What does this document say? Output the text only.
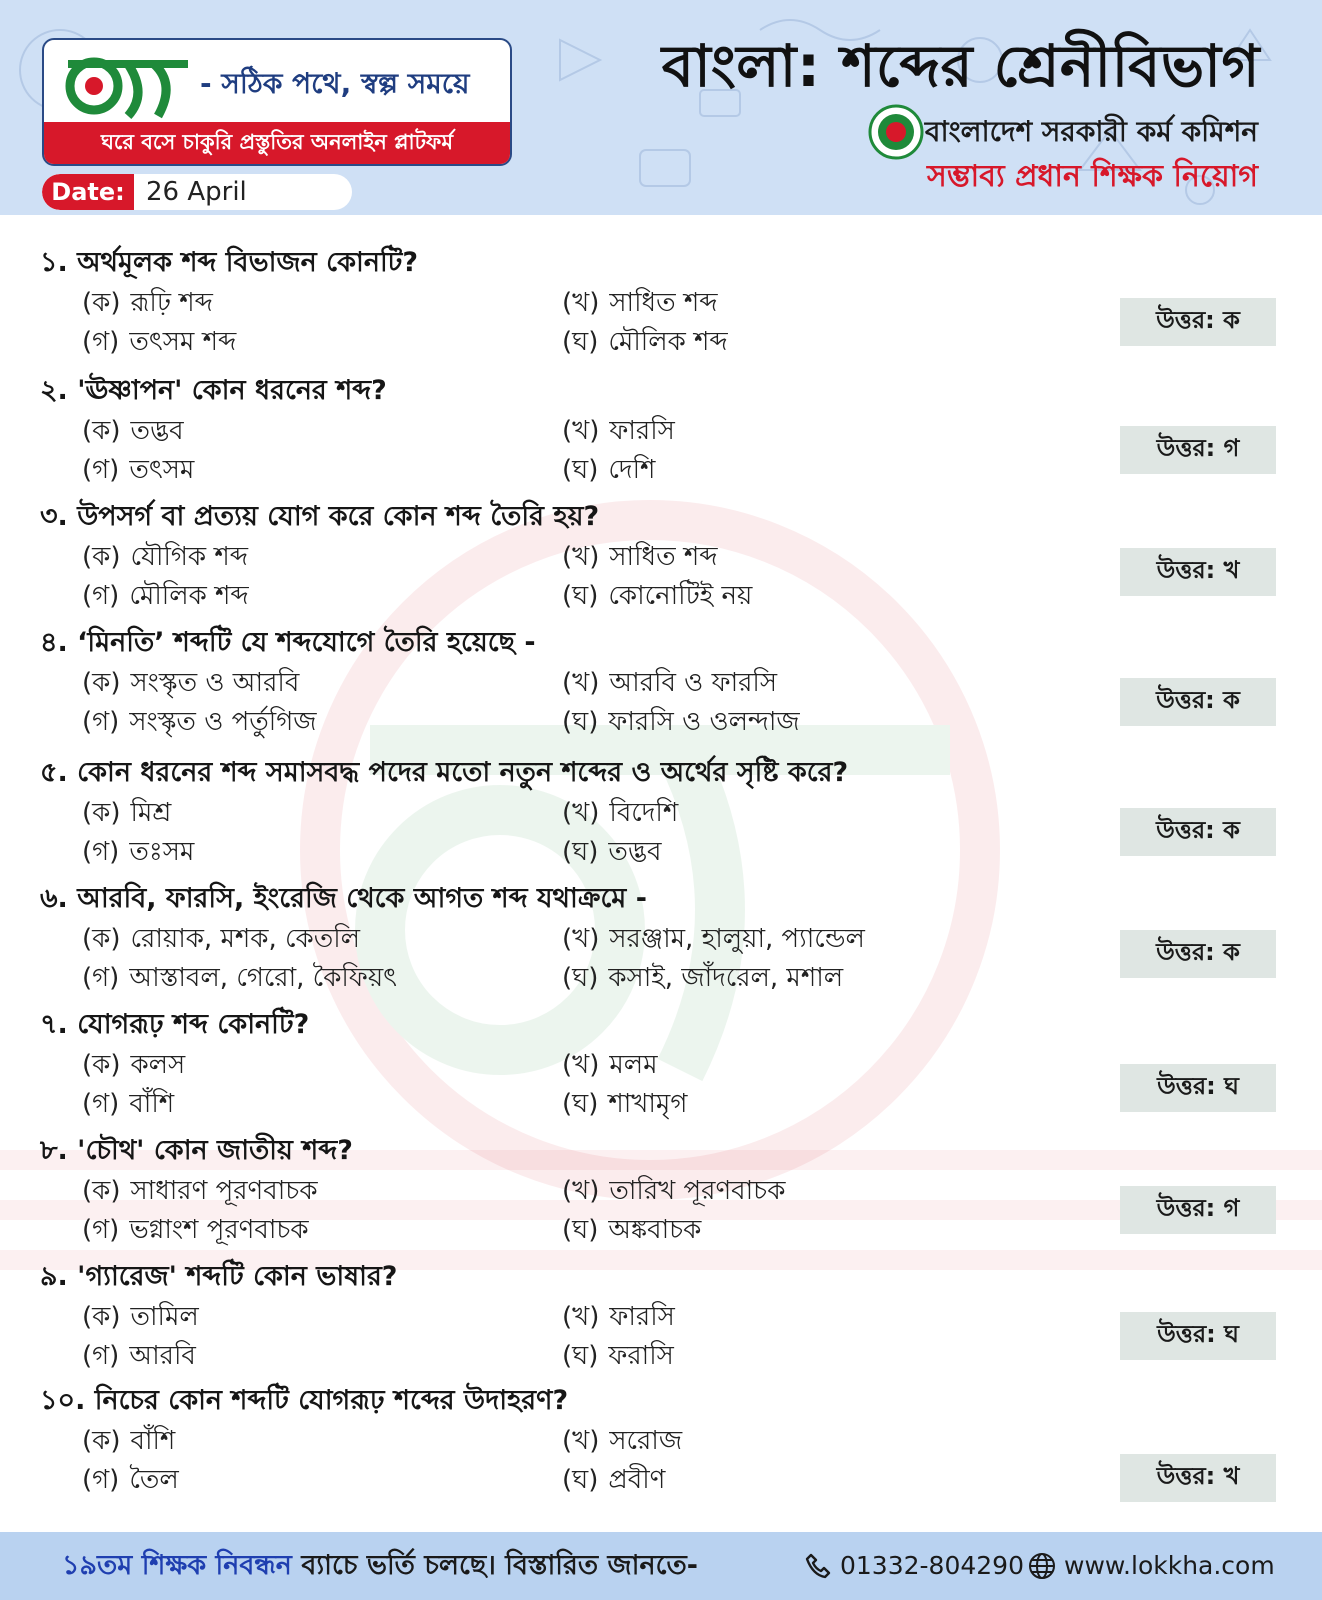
- সঠিক পথে, স্বল্প সময়ে
ঘরে বসে চাকুরি প্রস্তুতির অনলাইন প্লাটফর্ম
Date: 26 April
বাংলা: শব্দের শ্রেনীবিভাগ
বাংলাদেশ সরকারী কর্ম কমিশন
সম্ভাব্য প্রধান শিক্ষক নিয়োগ
১. অর্থমূলক শব্দ বিভাজন কোনটি?
(ক) রূঢ়ি শব্দ	(খ) সাধিত শব্দ
(গ) তৎসম শব্দ	(ঘ) মৌলিক শব্দ
উত্তর: ক
২. 'ঊষ্ণাপন' কোন ধরনের শব্দ?
(ক) তদ্ভব	(খ) ফারসি
(গ) তৎসম	(ঘ) দেশি
উত্তর: গ
৩. উপসর্গ বা প্রত্যয় যোগ করে কোন শব্দ তৈরি হয়?
(ক) যৌগিক শব্দ	(খ) সাধিত শব্দ
(গ) মৌলিক শব্দ	(ঘ) কোনোটিই নয়
উত্তর: খ
৪. ‘মিনতি’ শব্দটি যে শব্দযোগে তৈরি হয়েছে -
(ক) সংস্কৃত ও আরবি	(খ) আরবি ও ফারসি
(গ) সংস্কৃত ও পর্তুগিজ	(ঘ) ফারসি ও ওলন্দাজ
উত্তর: ক
৫. কোন ধরনের শব্দ সমাসবদ্ধ পদের মতো নতুন শব্দের ও অর্থের সৃষ্টি করে?
(ক) মিশ্র	(খ) বিদেশি
(গ) তঃসম	(ঘ) তদ্ভব
উত্তর: ক
৬. আরবি, ফারসি, ইংরেজি থেকে আগত শব্দ যথাক্রমে -
(ক) রোয়াক, মশক, কেতলি	(খ) সরঞ্জাম, হালুয়া, প্যান্ডেল
(গ) আস্তাবল, গেরো, কৈফিয়ৎ	(ঘ) কসাই, জাঁদরেল, মশাল
উত্তর: ক
৭. যোগরূঢ় শব্দ কোনটি?
(ক) কলস	(খ) মলম
(গ) বাঁশি	(ঘ) শাখামৃগ
উত্তর: ঘ
৮. 'চৌথ' কোন জাতীয় শব্দ?
(ক) সাধারণ পূরণবাচক	(খ) তারিখ পূরণবাচক
(গ) ভগ্নাংশ পূরণবাচক	(ঘ) অঙ্কবাচক
উত্তর: গ
৯. 'গ্যারেজ' শব্দটি কোন ভাষার?
(ক) তামিল	(খ) ফারসি
(গ) আরবি	(ঘ) ফরাসি
উত্তর: ঘ
১০. নিচের কোন শব্দটি যোগরূঢ় শব্দের উদাহরণ?
(ক) বাঁশি	(খ) সরোজ
(গ) তৈল	(ঘ) প্রবীণ	উত্তর: খ
১৯তম শিক্ষক নিবন্ধন ব্যাচে ভর্তি চলছে। বিস্তারিত জানতে-	01332-804290 www.lokkha.com
